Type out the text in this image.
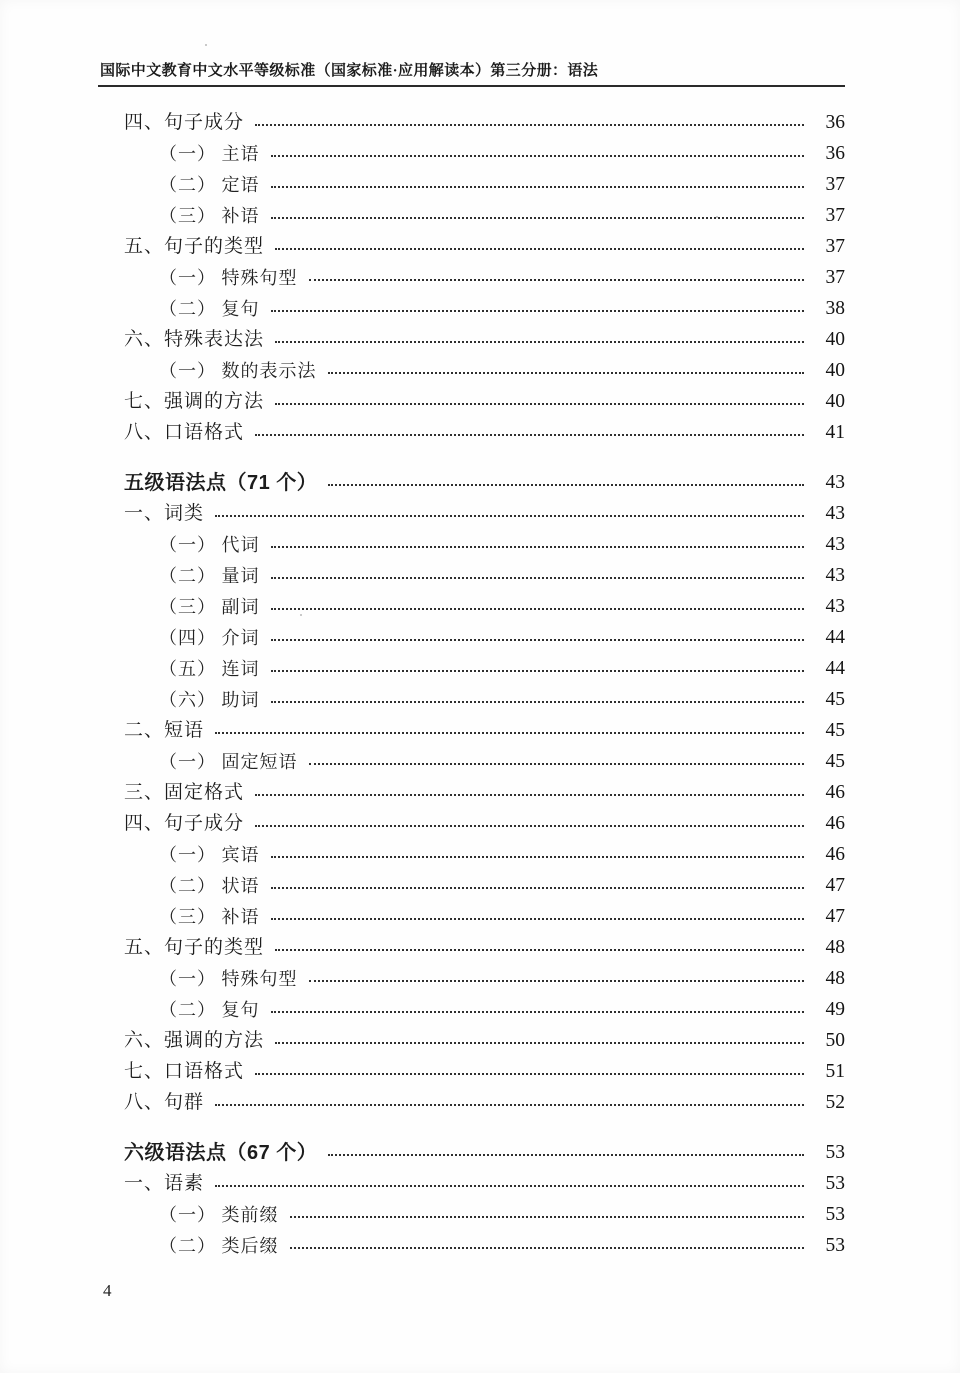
国际中文教育中文水平等级标准（国家标准·应用解读本）第三分册：语法
四、句子成分	36
（一） 主语	36
（二） 定语	37
（三） 补语	37
五、句子的类型	37
（一） 特殊句型	37
（二） 复句	38
六、特殊表达法	40
（一） 数的表示法	40
七、强调的方法	40
八、口语格式	41
五级语法点（71 个）	43
一、词类	43
（一） 代词	43
（二） 量词	43
（三） 副词	43
（四） 介词	44
（五） 连词	44
（六） 助词	45
二、短语	45
（一） 固定短语	45
三、固定格式	46
四、句子成分	46
（一） 宾语	46
（二） 状语	47
（三） 补语	47
五、句子的类型	48
（一） 特殊句型	48
（二） 复句	49
六、强调的方法	50
七、口语格式	51
八、句群	52
六级语法点（67 个）	53
一、语素	53
（一） 类前缀	53
（二） 类后缀	53
4
